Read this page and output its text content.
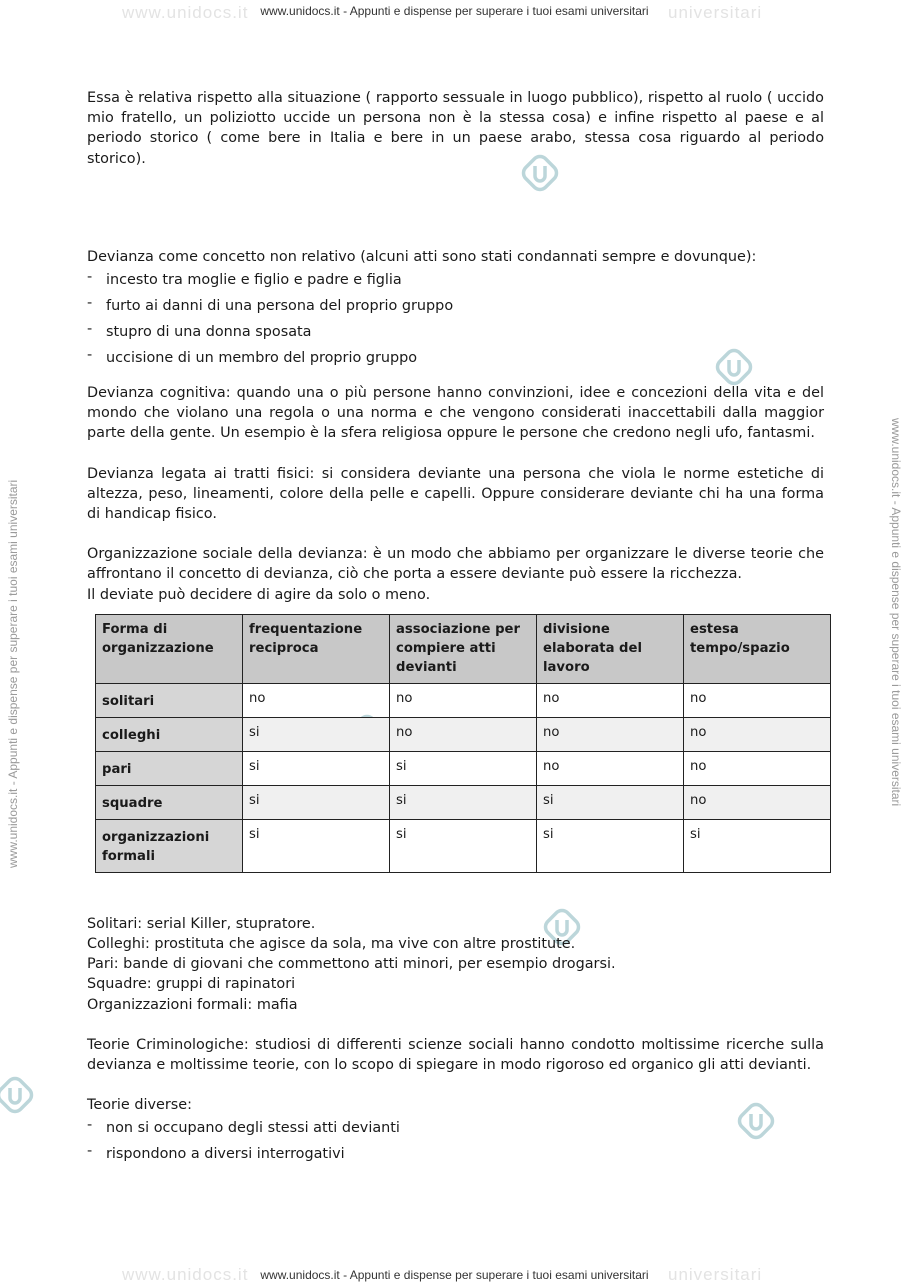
www.unidocs.it	universitari
www.unidocs.it - Appunti e dispense per superare i tuoi esami universitari
www.unidocs.it	universitari
www.unidocs.it - Appunti e dispense per superare i tuoi esami universitari
www.unidocs.it - Appunti e dispense per superare i tuoi esami universitari	www.unidocs.it - Appunti e dispense per superare i tuoi esami universitari

Essa è relativa rispetto alla situazione ( rapporto sessuale in luogo pubblico), rispetto al ruolo ( uccido mio fratello, un poliziotto uccide un persona non è la stessa cosa) e infine rispetto al paese e al periodo storico ( come bere in Italia e bere in un paese arabo, stessa cosa riguardo al periodo storico).

Devianza come concetto non relativo (alcuni atti sono stati condannati sempre e dovunque):

- incesto tra moglie e figlio e padre e figlia
- furto ai danni di una persona del proprio gruppo
- stupro di una donna sposata
- uccisione di un membro del proprio gruppo

Devianza cognitiva: quando una o più persone hanno convinzioni, idee e concezioni della vita e del mondo che violano una regola o una norma e che vengono considerati inaccettabili dalla maggior parte della gente. Un esempio è la sfera religiosa oppure le persone che credono negli ufo, fantasmi.

Devianza legata ai tratti fisici: si considera deviante una persona che viola le norme estetiche di altezza, peso, lineamenti, colore della pelle e capelli. Oppure considerare deviante chi ha una forma di handicap fisico.

Organizzazione sociale della devianza: è un modo che abbiamo per organizzare le diverse teorie che affrontano il concetto di devianza, ciò che porta a essere deviante può essere la ricchezza.

Il deviate può decidere di agire da solo o meno.

Forma di organizzazione	frequentazione reciproca	associazione per compiere atti devianti	divisione elaborata del lavoro	estesa tempo/spazio
solitari	no	no	no	no
colleghi	si	no	no	no
pari	si	si	no	no
squadre	si	si	si	no
organizzazioni formali	si	si	si	si

Solitari: serial Killer, stupratore.

Colleghi: prostituta che agisce da sola, ma vive con altre prostitute.

Pari: bande di giovani che commettono atti minori, per esempio drogarsi.

Squadre: gruppi di rapinatori

Organizzazioni formali: mafia

Teorie Criminologiche: studiosi di differenti scienze sociali hanno condotto moltissime ricerche sulla devianza e moltissime teorie, con lo scopo di spiegare in modo rigoroso ed organico gli atti devianti.

Teorie diverse:

- non si occupano degli stessi atti devianti
- rispondono a diversi interrogativi
